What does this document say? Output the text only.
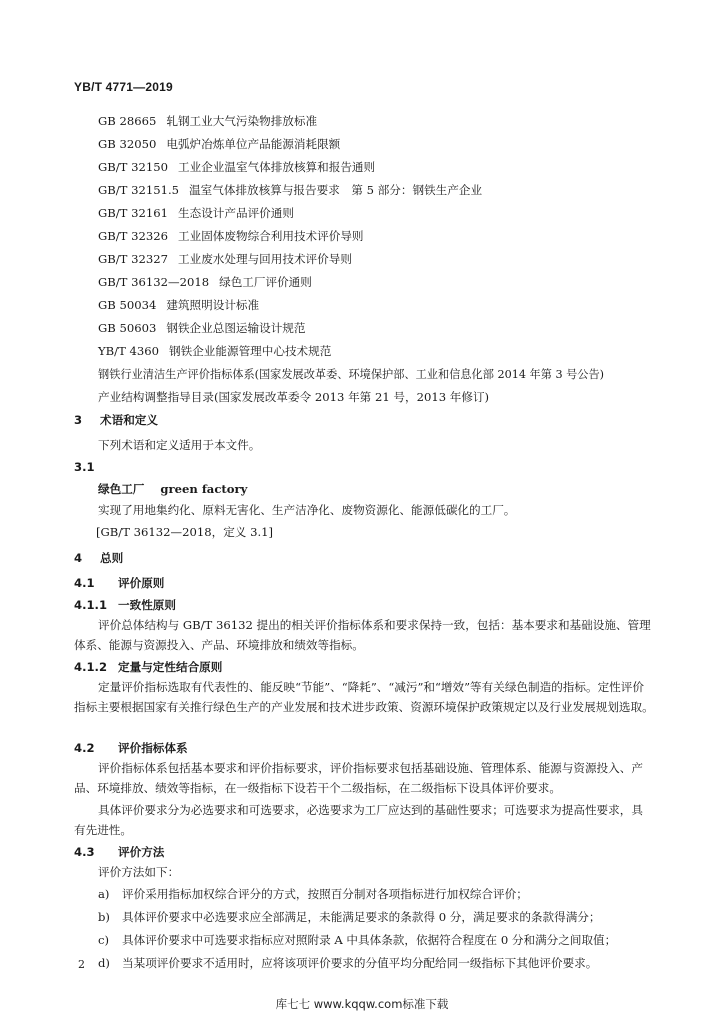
YB/T 4771—2019
GB 28665 轧钢工业大气污染物排放标准
GB 32050 电弧炉冶炼单位产品能源消耗限额
GB/T 32150 工业企业温室气体排放核算和报告通则
GB/T 32151.5 温室气体排放核算与报告要求　第 5 部分：钢铁生产企业
GB/T 32161 生态设计产品评价通则
GB/T 32326 工业固体废物综合利用技术评价导则
GB/T 32327 工业废水处理与回用技术评价导则
GB/T 36132—2018 绿色工厂评价通则
GB 50034 建筑照明设计标准
GB 50603 钢铁企业总图运输设计规范
YB/T 4360 钢铁企业能源管理中心技术规范
钢铁行业清洁生产评价指标体系(国家发展改革委、环境保护部、工业和信息化部 2014 年第 3 号公告)
产业结构调整指导目录(国家发展改革委令 2013 年第 21 号，2013 年修订)
3 术语和定义
下列术语和定义适用于本文件。
3.1
绿色工厂 green factory
实现了用地集约化、原料无害化、生产洁净化、废物资源化、能源低碳化的工厂。
[GB/T 36132—2018，定义 3.1]
4 总则
4.1 评价原则
4.1.1 一致性原则
评价总体结构与 GB/T 36132 提出的相关评价指标体系和要求保持一致，包括：基本要求和基础设施、管理体系、能源与资源投入、产品、环境排放和绩效等指标。
4.1.2 定量与定性结合原则
定量评价指标选取有代表性的、能反映“节能”、“降耗”、“减污”和“增效”等有关绿色制造的指标。定性评价指标主要根据国家有关推行绿色生产的产业发展和技术进步政策、资源环境保护政策规定以及行业发展规划选取。
4.2 评价指标体系
评价指标体系包括基本要求和评价指标要求，评价指标要求包括基础设施、管理体系、能源与资源投入、产品、环境排放、绩效等指标，在一级指标下设若干个二级指标，在二级指标下设具体评价要求。
具体评价要求分为必选要求和可选要求，必选要求为工厂应达到的基础性要求；可选要求为提高性要求，具有先进性。
4.3 评价方法
评价方法如下：
a) 评价采用指标加权综合评分的方式，按照百分制对各项指标进行加权综合评价；
b) 具体评价要求中必选要求应全部满足，未能满足要求的条款得 0 分，满足要求的条款得满分；
c) 具体评价要求中可选要求指标应对照附录 A 中具体条款，依据符合程度在 0 分和满分之间取值；
d) 当某项评价要求不适用时，应将该项评价要求的分值平均分配给同一级指标下其他评价要求。
2
库七七 www.kqqw.com标准下载
